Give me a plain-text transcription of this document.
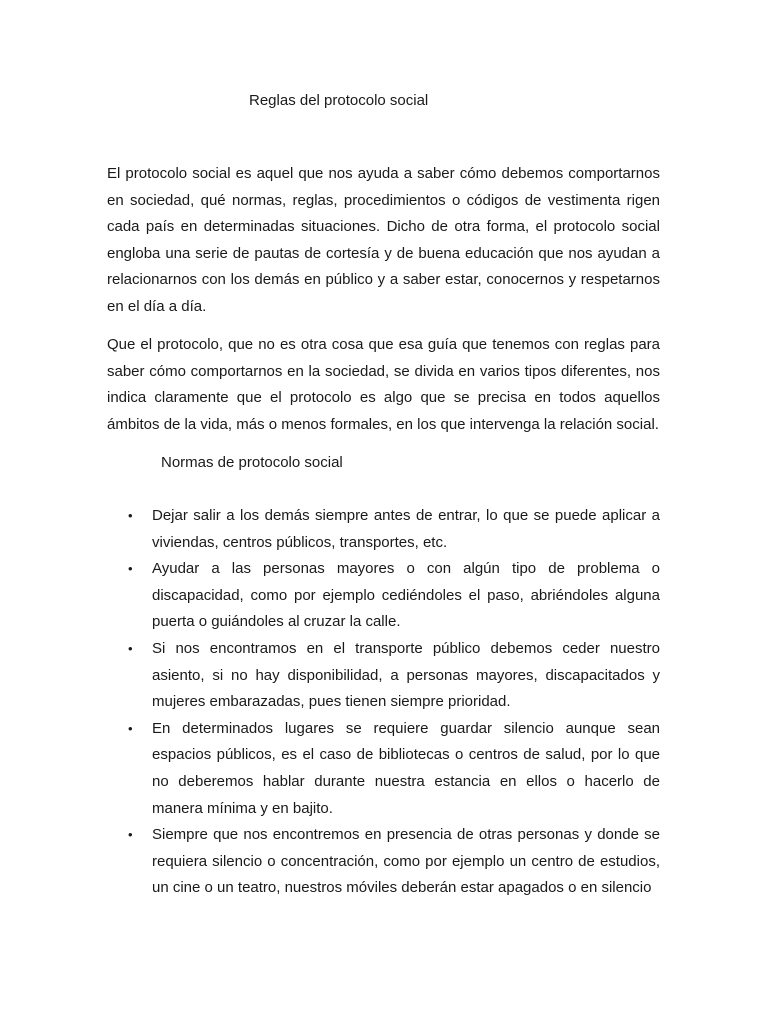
Reglas del protocolo social

El protocolo social es aquel que nos ayuda a saber cómo debemos comportarnos en sociedad, qué normas, reglas, procedimientos o códigos de vestimenta rigen cada país en determinadas situaciones. Dicho de otra forma, el protocolo social engloba una serie de pautas de cortesía y de buena educación que nos ayudan a relacionarnos con los demás en público y a saber estar, conocernos y respetarnos en el día a día.

Que el protocolo, que no es otra cosa que esa guía que tenemos con reglas para saber cómo comportarnos en la sociedad, se divida en varios tipos diferentes, nos indica claramente que el protocolo es algo que se precisa en todos aquellos ámbitos de la vida, más o menos formales, en los que intervenga la relación social.

Normas de protocolo social
• Dejar salir a los demás siempre antes de entrar, lo que se puede aplicar a viviendas, centros públicos, transportes, etc.
• Ayudar a las personas mayores o con algún tipo de problema o discapacidad, como por ejemplo cediéndoles el paso, abriéndoles alguna puerta o guiándoles al cruzar la calle.
• Si nos encontramos en el transporte público debemos ceder nuestro asiento, si no hay disponibilidad, a personas mayores, discapacitados y mujeres embarazadas, pues tienen siempre prioridad.
• En determinados lugares se requiere guardar silencio aunque sean espacios públicos, es el caso de bibliotecas o centros de salud, por lo que no deberemos hablar durante nuestra estancia en ellos o hacerlo de manera mínima y en bajito.
• Siempre que nos encontremos en presencia de otras personas y donde se requiera silencio o concentración, como por ejemplo un centro de estudios, un cine o un teatro, nuestros móviles deberán estar apagados o en silencio
